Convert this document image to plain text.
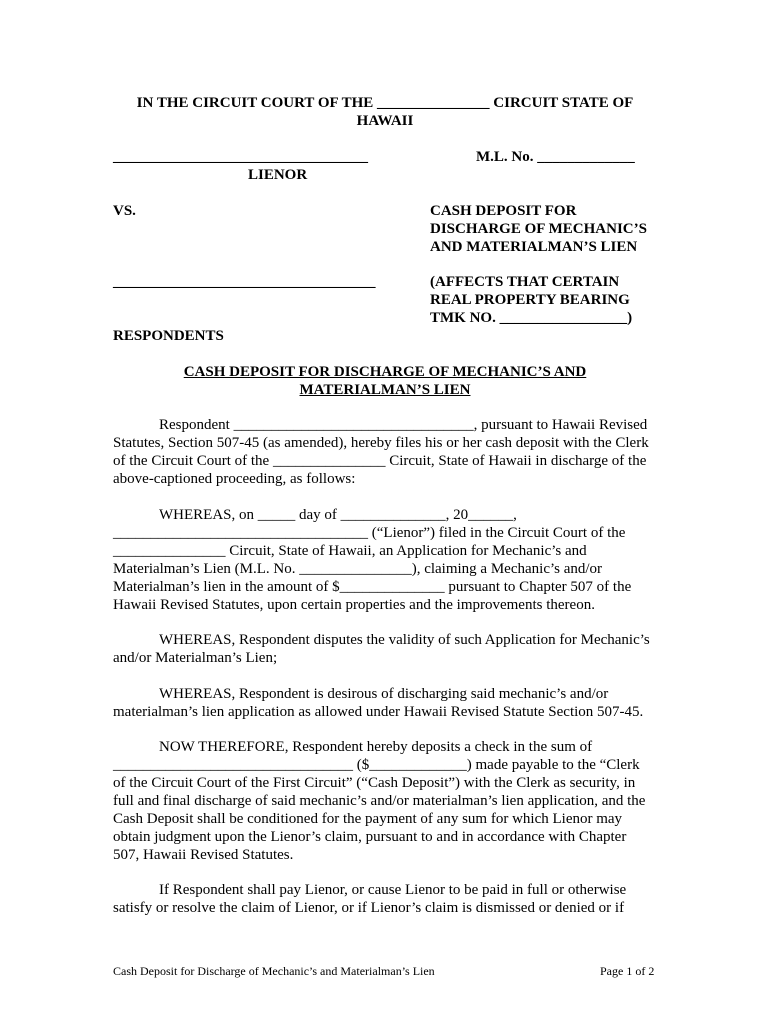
IN THE CIRCUIT COURT OF THE _______________ CIRCUIT STATE OF
HAWAII
__________________________________	M.L. No. _____________
LIENOR
VS.	CASH DEPOSIT FOR
DISCHARGE OF MECHANIC’S
AND MATERIALMAN’S LIEN
___________________________________	(AFFECTS THAT CERTAIN
REAL PROPERTY BEARING
TMK NO. _________________)
RESPONDENTS
CASH DEPOSIT FOR DISCHARGE OF MECHANIC’S AND
MATERIALMAN’S LIEN
Respondent ________________________________, pursuant to Hawaii Revised
Statutes, Section 507-45 (as amended), hereby files his or her cash deposit with the Clerk
of the Circuit Court of the _______________ Circuit, State of Hawaii in discharge of the
above-captioned proceeding, as follows:
WHEREAS, on _____ day of ______________, 20______,
__________________________________ (“Lienor”) filed in the Circuit Court of the
_______________ Circuit, State of Hawaii, an Application for Mechanic’s and
Materialman’s Lien (M.L. No. _______________), claiming a Mechanic’s and/or
Materialman’s lien in the amount of $______________ pursuant to Chapter 507 of the
Hawaii Revised Statutes, upon certain properties and the improvements thereon.
WHEREAS, Respondent disputes the validity of such Application for Mechanic’s
and/or Materialman’s Lien;
WHEREAS, Respondent is desirous of discharging said mechanic’s and/or
materialman’s lien application as allowed under Hawaii Revised Statute Section 507-45.
NOW THEREFORE, Respondent hereby deposits a check in the sum of
________________________________ ($_____________) made payable to the “Clerk
of the Circuit Court of the First Circuit” (“Cash Deposit”) with the Clerk as security, in
full and final discharge of said mechanic’s and/or materialman’s lien application, and the
Cash Deposit shall be conditioned for the payment of any sum for which Lienor may
obtain judgment upon the Lienor’s claim, pursuant to and in accordance with Chapter
507, Hawaii Revised Statutes.
If Respondent shall pay Lienor, or cause Lienor to be paid in full or otherwise
satisfy or resolve the claim of Lienor, or if Lienor’s claim is dismissed or denied or if
Cash Deposit for Discharge of Mechanic’s and Materialman’s Lien	Page 1 of 2
